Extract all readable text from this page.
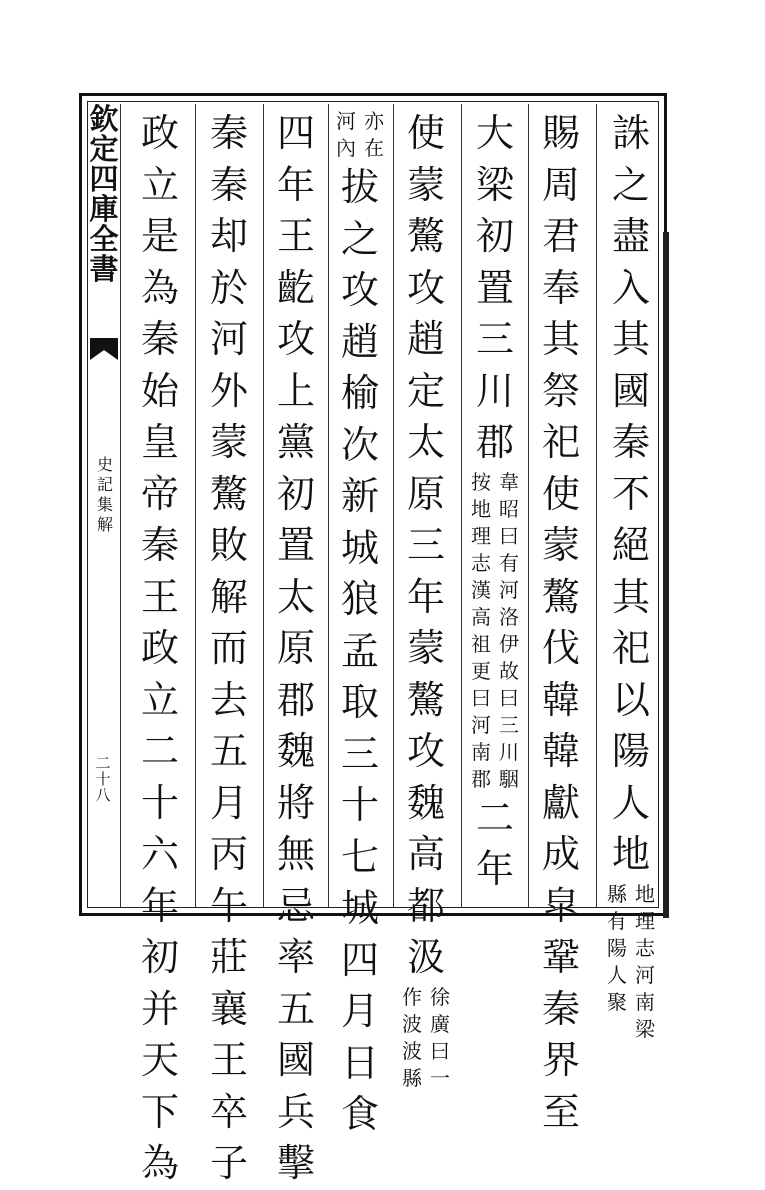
欽
定
四
庫
全
書
史
記
集
解
二
十
八
誅
之
盡
入
其
國
秦
不
絕
其
祀
以
陽
人
地
地
理
志
河
南
梁
縣
有
陽
人
聚
賜
周
君
奉
其
祭
祀
使
蒙
驁
伐
韓
韓
獻
成
皐
鞏
秦
界
至
大
梁
初
置
三
川
郡
韋
昭
曰
有
河
洛
伊
故
曰
三
川
駰
按
地
理
志
漢
高
祖
更
曰
河
南
郡
二
年
使
蒙
驁
攻
趙
定
太
原
三
年
蒙
驁
攻
魏
高
都
汲
徐
廣
曰
一
作
波
波
縣
亦
在
河
內
拔
之
攻
趙
榆
次
新
城
狼
孟
取
三
十
七
城
四
月
日
食
四
年
王
齕
攻
上
黨
初
置
太
原
郡
魏
將
無
忌
率
五
國
兵
擊
秦
秦
却
於
河
外
蒙
驁
敗
解
而
去
五
月
丙
午
莊
襄
王
卒
子
政
立
是
為
秦
始
皇
帝
秦
王
政
立
二
十
六
年
初
并
天
下
為
